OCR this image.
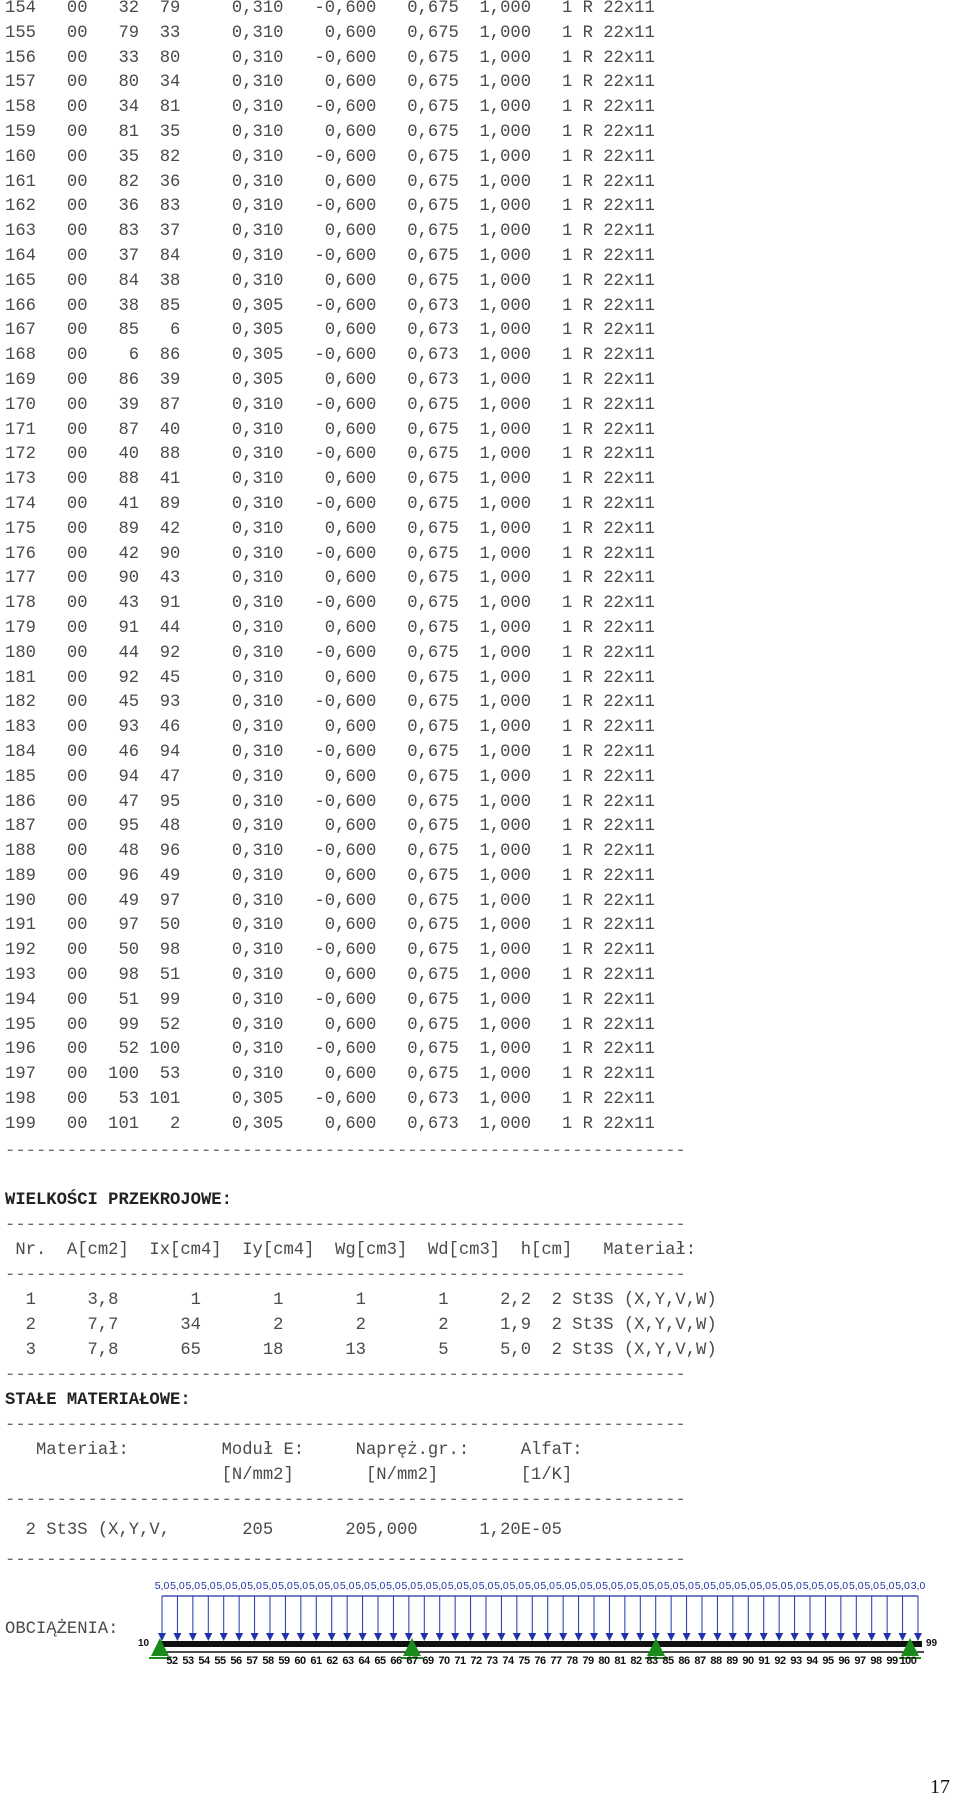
154   00   32  79     0,310   -0,600   0,675  1,000   1 R 22x11
155   00   79  33     0,310    0,600   0,675  1,000   1 R 22x11
156   00   33  80     0,310   -0,600   0,675  1,000   1 R 22x11
157   00   80  34     0,310    0,600   0,675  1,000   1 R 22x11
158   00   34  81     0,310   -0,600   0,675  1,000   1 R 22x11
159   00   81  35     0,310    0,600   0,675  1,000   1 R 22x11
160   00   35  82     0,310   -0,600   0,675  1,000   1 R 22x11
161   00   82  36     0,310    0,600   0,675  1,000   1 R 22x11
162   00   36  83     0,310   -0,600   0,675  1,000   1 R 22x11
163   00   83  37     0,310    0,600   0,675  1,000   1 R 22x11
164   00   37  84     0,310   -0,600   0,675  1,000   1 R 22x11
165   00   84  38     0,310    0,600   0,675  1,000   1 R 22x11
166   00   38  85     0,305   -0,600   0,673  1,000   1 R 22x11
167   00   85   6     0,305    0,600   0,673  1,000   1 R 22x11
168   00    6  86     0,305   -0,600   0,673  1,000   1 R 22x11
169   00   86  39     0,305    0,600   0,673  1,000   1 R 22x11
170   00   39  87     0,310   -0,600   0,675  1,000   1 R 22x11
171   00   87  40     0,310    0,600   0,675  1,000   1 R 22x11
172   00   40  88     0,310   -0,600   0,675  1,000   1 R 22x11
173   00   88  41     0,310    0,600   0,675  1,000   1 R 22x11
174   00   41  89     0,310   -0,600   0,675  1,000   1 R 22x11
175   00   89  42     0,310    0,600   0,675  1,000   1 R 22x11
176   00   42  90     0,310   -0,600   0,675  1,000   1 R 22x11
177   00   90  43     0,310    0,600   0,675  1,000   1 R 22x11
178   00   43  91     0,310   -0,600   0,675  1,000   1 R 22x11
179   00   91  44     0,310    0,600   0,675  1,000   1 R 22x11
180   00   44  92     0,310   -0,600   0,675  1,000   1 R 22x11
181   00   92  45     0,310    0,600   0,675  1,000   1 R 22x11
182   00   45  93     0,310   -0,600   0,675  1,000   1 R 22x11
183   00   93  46     0,310    0,600   0,675  1,000   1 R 22x11
184   00   46  94     0,310   -0,600   0,675  1,000   1 R 22x11
185   00   94  47     0,310    0,600   0,675  1,000   1 R 22x11
186   00   47  95     0,310   -0,600   0,675  1,000   1 R 22x11
187   00   95  48     0,310    0,600   0,675  1,000   1 R 22x11
188   00   48  96     0,310   -0,600   0,675  1,000   1 R 22x11
189   00   96  49     0,310    0,600   0,675  1,000   1 R 22x11
190   00   49  97     0,310   -0,600   0,675  1,000   1 R 22x11
191   00   97  50     0,310    0,600   0,675  1,000   1 R 22x11
192   00   50  98     0,310   -0,600   0,675  1,000   1 R 22x11
193   00   98  51     0,310    0,600   0,675  1,000   1 R 22x11
194   00   51  99     0,310   -0,600   0,675  1,000   1 R 22x11
195   00   99  52     0,310    0,600   0,675  1,000   1 R 22x11
196   00   52 100     0,310   -0,600   0,675  1,000   1 R 22x11
197   00  100  53     0,310    0,600   0,675  1,000   1 R 22x11
198   00   53 101     0,305   -0,600   0,673  1,000   1 R 22x11
199   00  101   2     0,305    0,600   0,673  1,000   1 R 22x11
------------------------------------------------------------------
WIELKOŚCI PRZEKROJOWE:
------------------------------------------------------------------
Nr.  A[cm2]  Ix[cm4]  Iy[cm4]  Wg[cm3]  Wd[cm3]  h[cm]   Materiał:
------------------------------------------------------------------
1     3,8       1       1       1       1     2,2  2 St3S (X,Y,V,W)
2     7,7      34       2       2       2     1,9  2 St3S (X,Y,V,W)
3     7,8      65      18      13       5     5,0  2 St3S (X,Y,V,W)
------------------------------------------------------------------
STAŁE MATERIAŁOWE:
------------------------------------------------------------------
Materiał:         Moduł E:     Napręż.gr.:     AlfaT:
[N/mm2]       [N/mm2]        [1/K]
------------------------------------------------------------------
2 St3S (X,Y,V,       205       205,000      1,20E-05
------------------------------------------------------------------
OBCIĄŻENIA:
5,0 5,0 5,0 5,0 5,0 5,0 5,0 5,0 5,0 5,0 5,0 5,0 5,0 5,0 5,0 5,0 5,0 5,0 5,0 5,0 5,0 5,0 5,0 5,0 5,0 5,0 5,0 5,0 5,0 5,0 5,0 5,0 5,0 5,0 5,0 5,0 5,0 5,0 5,0 5,0 5,0 5,0 5,0 5,0 5,0 5,0 5,0 5,0 5,0 3,0
10	99
52 53 54 55 56 57 58 59 60 61 62 63 64 65 66 67 69 70 71 72 73 74 75 76 77 78 79 80 81 82 83 85 86 87 88 89 90 91 92 93 94 95 96 97 98 99 100
17
